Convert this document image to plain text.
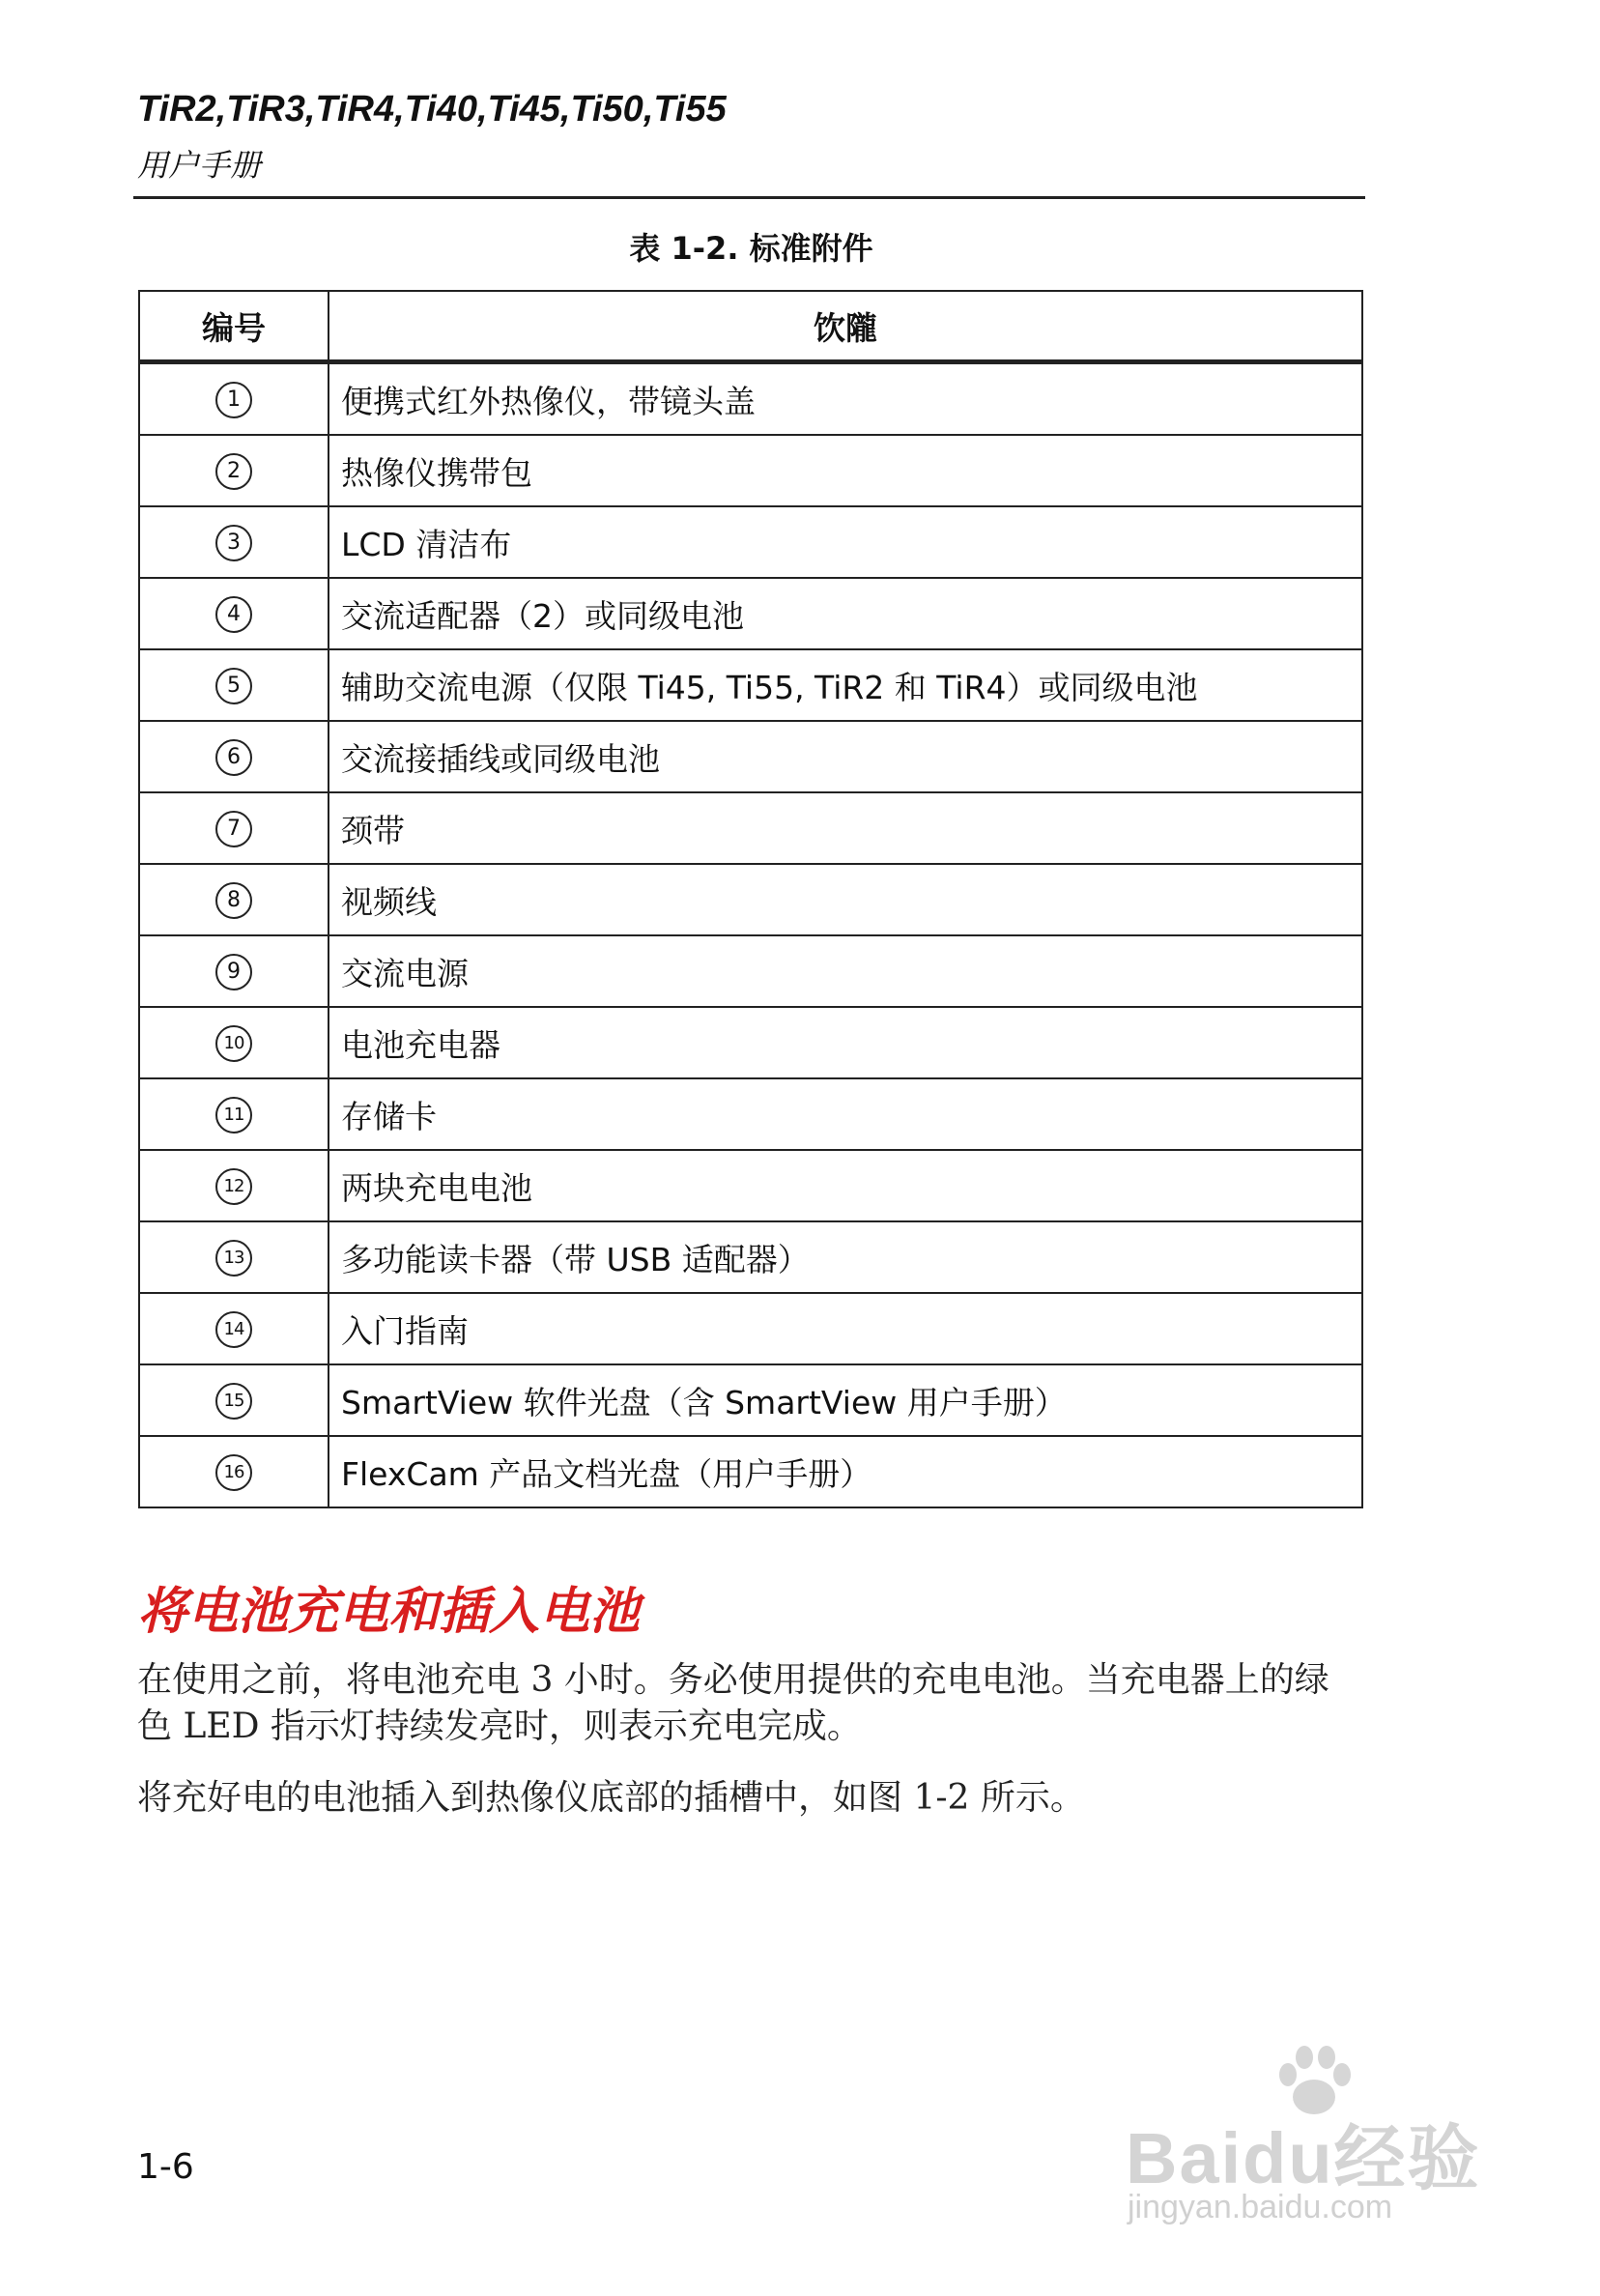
TiR2,TiR3,TiR4,Ti40,Ti45,Ti50,Ti55
用户手册
表 1-2. 标准附件
编号	饮隴
1	便携式红外热像仪，带镜头盖
2	热像仪携带包
3	LCD 清洁布
4	交流适配器（2）或同级电池
5	辅助交流电源（仅限 Ti45, Ti55, TiR2 和 TiR4）或同级电池
6	交流接插线或同级电池
7	颈带
8	视频线
9	交流电源
10	电池充电器
11	存储卡
12	两块充电电池
13	多功能读卡器（带 USB 适配器）
14	入门指南
15	SmartView 软件光盘（含 SmartView 用户手册）
16	FlexCam 产品文档光盘（用户手册）
将电池充电和插入电池
在使用之前，将电池充电 3 小时。务必使用提供的充电电池。当充电器上的绿色 LED 指示灯持续发亮时，则表示充电完成。
将充好电的电池插入到热像仪底部的插槽中，如图 1-2 所示。
1-6	Baidu经验
jingyan.baidu.com
